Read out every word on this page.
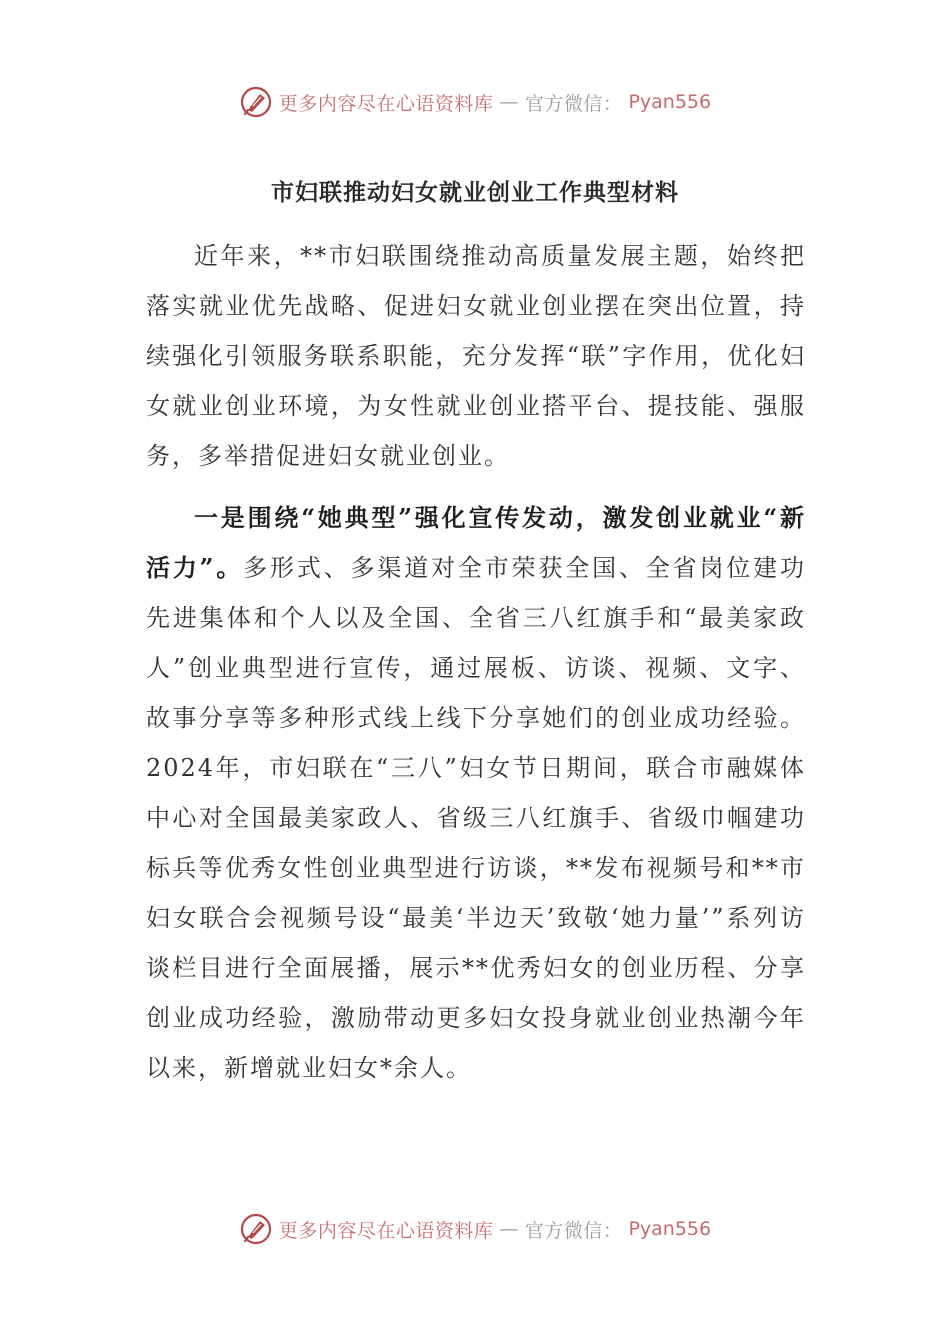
更多内容尽在心语资料库 — 官方微信： Pyan556
市妇联推动妇女就业创业工作典型材料

近年来，**市妇联围绕推动高质量发展主题，始终把落实就业优先战略、促进妇女就业创业摆在突出位置，持续强化引领服务联系职能，充分发挥“联”字作用，优化妇女就业创业环境，为女性就业创业搭平台、提技能、强服务，多举措促进妇女就业创业。

一是围绕“她典型”强化宣传发动，激发创业就业“新活力”。多形式、多渠道对全市荣获全国、全省岗位建功先进集体和个人以及全国、全省三八红旗手和“最美家政人”创业典型进行宣传，通过展板、访谈、视频、文字、故事分享等多种形式线上线下分享她们的创业成功经验。2024年，市妇联在“三八”妇女节日期间，联合市融媒体中心对全国最美家政人、省级三八红旗手、省级巾帼建功标兵等优秀女性创业典型进行访谈，**发布视频号和**市妇女联合会视频号设“最美‘半边天’致敬‘她力量’”系列访谈栏目进行全面展播，展示**优秀妇女的创业历程、分享创业成功经验，激励带动更多妇女投身就业创业热潮今年以来，新增就业妇女*余人。

更多内容尽在心语资料库 — 官方微信： Pyan556
